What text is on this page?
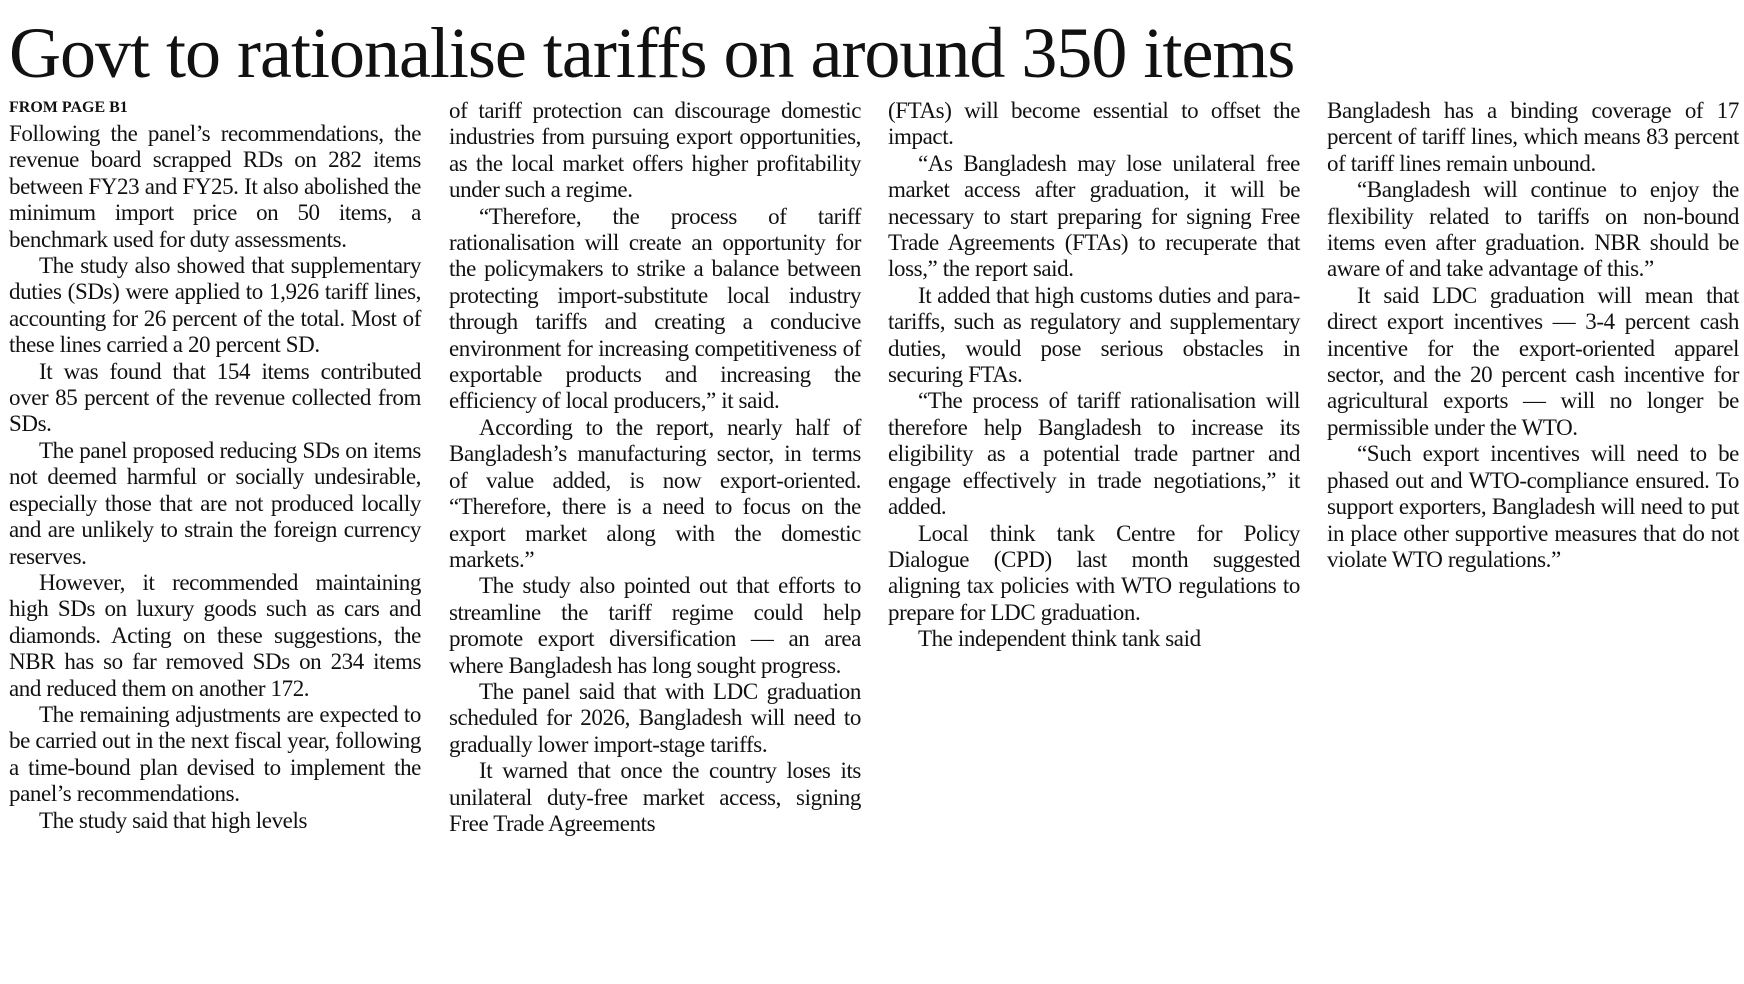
Govt to rationalise tariffs on around 350 items
FROM PAGE B1

Following the panel’s recommendations, the revenue board scrapped RDs on 282 items between FY23 and FY25. It also abolished the minimum import price on 50 items, a benchmark used for duty assessments.

The study also showed that supplementary duties (SDs) were applied to 1,926 tariff lines, accounting for 26 percent of the total. Most of these lines carried a 20 percent SD.

It was found that 154 items contributed over 85 percent of the revenue collected from SDs.

The panel proposed reducing SDs on items not deemed harmful or socially undesirable, especially those that are not produced locally and are unlikely to strain the foreign currency reserves.

However, it recommended maintaining high SDs on luxury goods such as cars and diamonds. Acting on these suggestions, the NBR has so far removed SDs on 234 items and reduced them on another 172.

The remaining adjustments are expected to be carried out in the next fiscal year, following a time-bound plan devised to implement the panel’s recommendations.

The study said that high levels

of tariff protection can discourage domestic industries from pursuing export opportunities, as the local market offers higher profitability under such a regime.

“Therefore, the process of tariff rationalisation will create an opportunity for the policymakers to strike a balance between protecting import-substitute local industry through tariffs and creating a conducive environment for increasing competitiveness of exportable products and increasing the efficiency of local producers,” it said.

According to the report, nearly half of Bangladesh’s manufacturing sector, in terms of value added, is now export-oriented. “Therefore, there is a need to focus on the export market along with the domestic markets.”

The study also pointed out that efforts to streamline the tariff regime could help promote export diversification — an area where Bangladesh has long sought progress.

The panel said that with LDC graduation scheduled for 2026, Bangladesh will need to gradually lower import-stage tariffs.

It warned that once the country loses its unilateral duty-free market access, signing Free Trade Agreements

(FTAs) will become essential to offset the impact.

“As Bangladesh may lose unilateral free market access after graduation, it will be necessary to start preparing for signing Free Trade Agreements (FTAs) to recuperate that loss,” the report said.

It added that high customs duties and para-tariffs, such as regulatory and supplementary duties, would pose serious obstacles in securing FTAs.

“The process of tariff rationalisation will therefore help Bangladesh to increase its eligibility as a potential trade partner and engage effectively in trade negotiations,” it added.

Local think tank Centre for Policy Dialogue (CPD) last month suggested aligning tax policies with WTO regulations to prepare for LDC graduation.

The independent think tank said

Bangladesh has a binding coverage of 17 percent of tariff lines, which means 83 percent of tariff lines remain unbound.

“Bangladesh will continue to enjoy the flexibility related to tariffs on non-bound items even after graduation. NBR should be aware of and take advantage of this.”

It said LDC graduation will mean that direct export incentives — 3-4 percent cash incentive for the export-oriented apparel sector, and the 20 percent cash incentive for agricultural exports — will no longer be permissible under the WTO.

“Such export incentives will need to be phased out and WTO-compliance ensured. To support exporters, Bangladesh will need to put in place other supportive measures that do not violate WTO regulations.”
